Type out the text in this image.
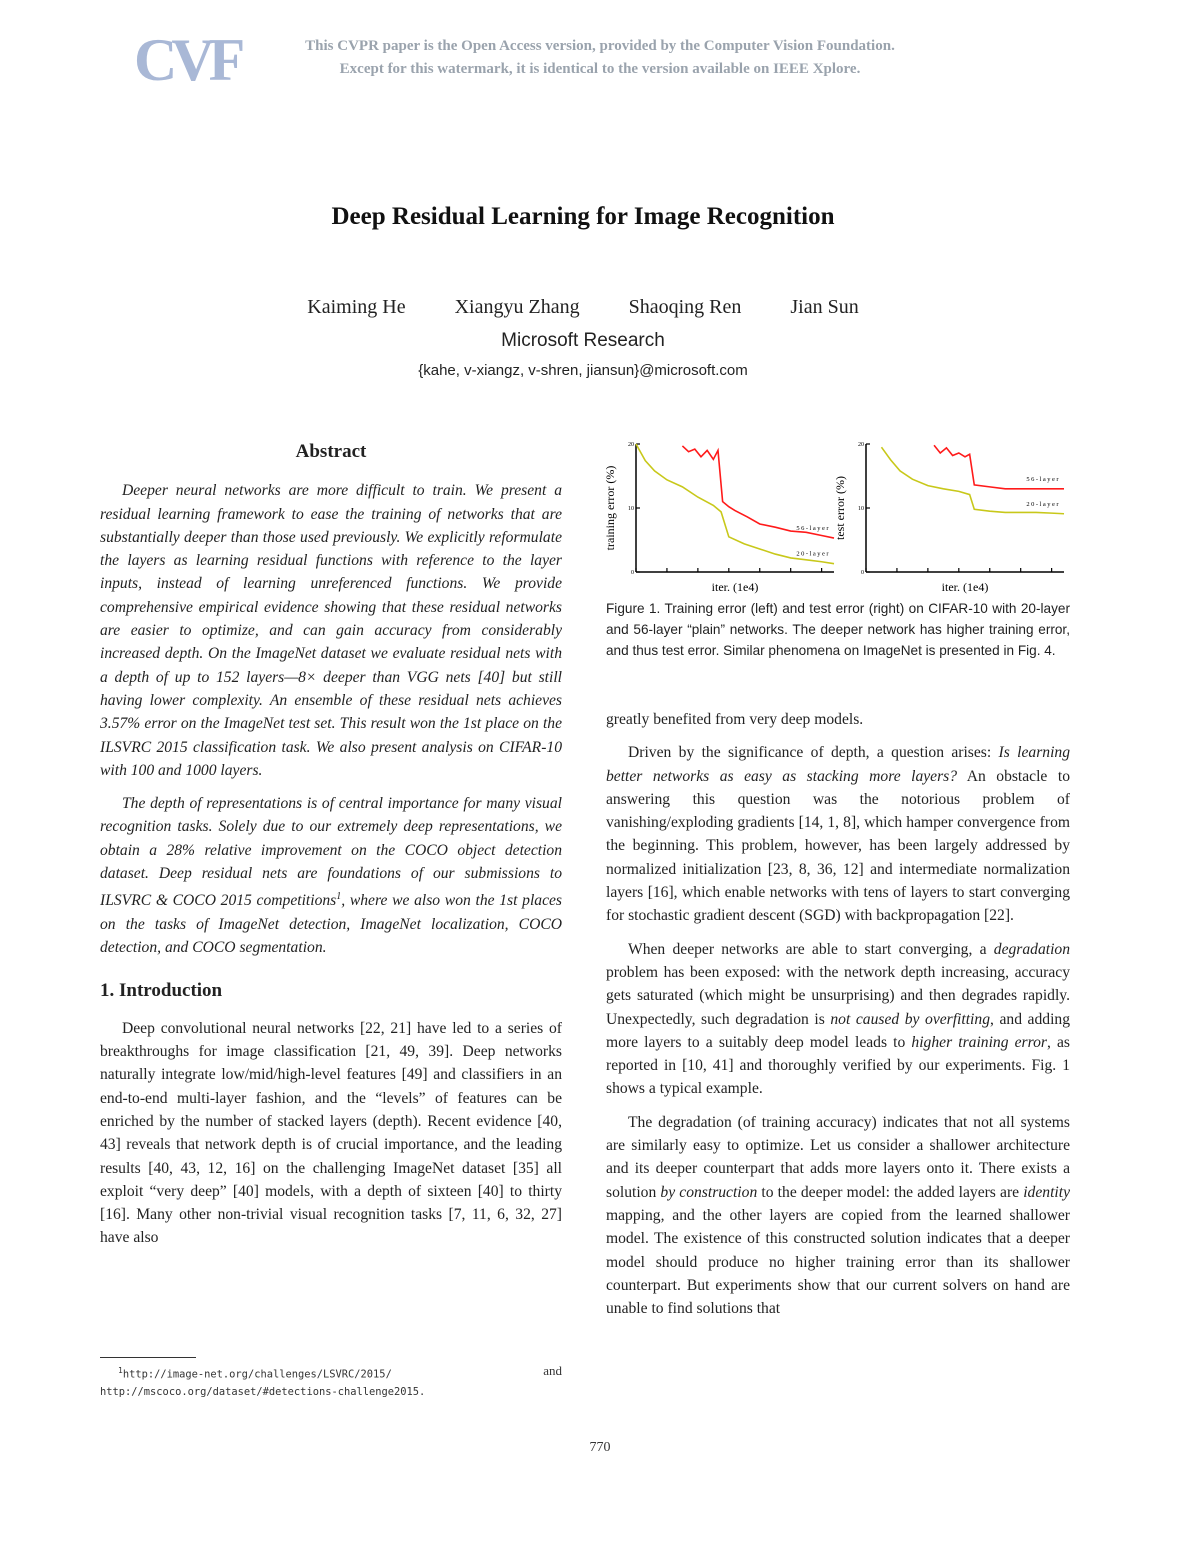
CVF	This CVPR paper is the Open Access version, provided by the Computer Vision Foundation.
Except for this watermark, it is identical to the version available on IEEE Xplore.
Deep Residual Learning for Image Recognition
Kaiming He Xiangyu Zhang Shaoqing Ren Jian Sun
Microsoft Research
{kahe, v-xiangz, v-shren, jiansun}@microsoft.com
Abstract

Deeper neural networks are more difficult to train. We present a residual learning framework to ease the training of networks that are substantially deeper than those used previously. We explicitly reformulate the layers as learning residual functions with reference to the layer inputs, instead of learning unreferenced functions. We provide comprehensive empirical evidence showing that these residual networks are easier to optimize, and can gain accuracy from considerably increased depth. On the ImageNet dataset we evaluate residual nets with a depth of up to 152 layers—8× deeper than VGG nets [40] but still having lower complexity. An ensemble of these residual nets achieves 3.57% error on the ImageNet test set. This result won the 1st place on the ILSVRC 2015 classification task. We also present analysis on CIFAR-10 with 100 and 1000 layers.

The depth of representations is of central importance for many visual recognition tasks. Solely due to our extremely deep representations, we obtain a 28% relative improvement on the COCO object detection dataset. Deep residual nets are foundations of our submissions to ILSVRC & COCO 2015 competitions$^1$, where we also won the 1st places on the tasks of ImageNet detection, ImageNet localization, COCO detection, and COCO segmentation.

1. Introduction

Deep convolutional neural networks [22, 21] have led to a series of breakthroughs for image classification [21, 49, 39]. Deep networks naturally integrate low/mid/high-level features [49] and classifiers in an end-to-end multi-layer fashion, and the “levels” of features can be enriched by the number of stacked layers (depth). Recent evidence [40, 43] reveals that network depth is of crucial importance, and the leading results [40, 43, 12, 16] on the challenging ImageNet dataset [35] all exploit “very deep” [40] models, with a depth of sixteen [40] to thirty [16]. Many other non-trivial visual recognition tasks [7, 11, 6, 32, 27] have also

$^1$http://image-net.org/challenges/LSVRC/2015/	and
http://mscoco.org/dataset/#detections-challenge2015.
0
10
20
56-layer
20-layer
iter. (1e4)
training error (%)
0
10
20
56-layer
20-layer
iter. (1e4)
test error (%)
Figure 1. Training error (left) and test error (right) on CIFAR-10 with 20-layer and 56-layer “plain” networks. The deeper network has higher training error, and thus test error. Similar phenomena on ImageNet is presented in Fig. 4.

greatly benefited from very deep models.

Driven by the significance of depth, a question arises: Is learning better networks as easy as stacking more layers? An obstacle to answering this question was the notorious problem of vanishing/exploding gradients [14, 1, 8], which hamper convergence from the beginning. This problem, however, has been largely addressed by normalized initialization [23, 8, 36, 12] and intermediate normalization layers [16], which enable networks with tens of layers to start converging for stochastic gradient descent (SGD) with backpropagation [22].

When deeper networks are able to start converging, a degradation problem has been exposed: with the network depth increasing, accuracy gets saturated (which might be unsurprising) and then degrades rapidly. Unexpectedly, such degradation is not caused by overfitting, and adding more layers to a suitably deep model leads to higher training error, as reported in [10, 41] and thoroughly verified by our experiments. Fig. 1 shows a typical example.

The degradation (of training accuracy) indicates that not all systems are similarly easy to optimize. Let us consider a shallower architecture and its deeper counterpart that adds more layers onto it. There exists a solution by construction to the deeper model: the added layers are identity mapping, and the other layers are copied from the learned shallower model. The existence of this constructed solution indicates that a deeper model should produce no higher training error than its shallower counterpart. But experiments show that our current solvers on hand are unable to find solutions that

770
